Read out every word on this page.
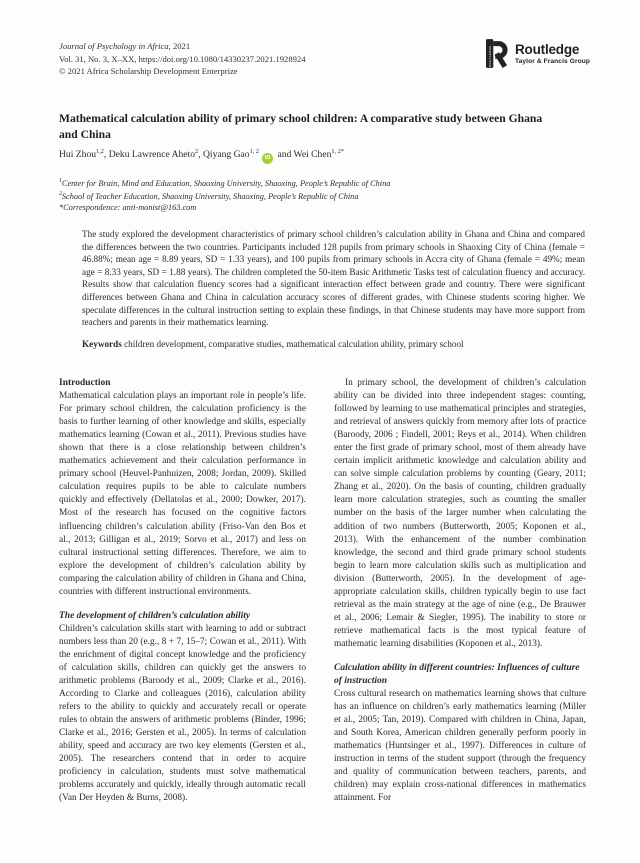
Journal of Psychology in Africa, 2021
Vol. 31, No. 3, X–XX, https://doi.org/10.1080/14330237.2021.1928924
© 2021 Africa Scholarship Development Enterprize
ROUTLEDGE Routledge
Taylor & Francis Group
Mathematical calculation ability of primary school children: A comparative study between Ghana and China
Hui Zhou$^{1,2}$, Deku Lawrence Aheto$^2$, Qiyang Gao$^{1, 2}$iD and Wei Chen$^{1, 2*}$
$^1$Center for Brain, Mind and Education, Shaoxing University, Shaoxing, People’s Republic of China
$^2$School of Teacher Education, Shaoxing University, Shaoxing, People’s Republic of China
*Correspondence: anti-monist@163.com

The study explored the development characteristics of primary school children’s calculation ability in Ghana and China and compared the differences between the two countries. Participants included 128 pupils from primary schools in Shaoxing City of China (female = 46.88%; mean age = 8.89 years, SD = 1.33 years), and 100 pupils from primary schools in Accra city of Ghana (female = 49%; mean age = 8.33 years, SD = 1.88 years). The children completed the 50-item Basic Arithmetic Tasks test of calculation fluency and accuracy. Results show that calculation fluency scores had a significant interaction effect between grade and country. There were significant differences between Ghana and China in calculation accuracy scores of different grades, with Chinese students scoring higher. We speculate differences in the cultural instruction setting to explain these findings, in that Chinese students may have more support from teachers and parents in their mathematics learning.

Keywords children development, comparative studies, mathematical calculation ability, primary school

Introduction

Mathematical calculation plays an important role in people’s life. For primary school children, the calculation proficiency is the basis to further learning of other knowledge and skills, especially mathematics learning (Cowan et al., 2011). Previous studies have shown that there is a close relationship between children’s mathematics achievement and their calculation performance in primary school (Heuvel-Panhuizen, 2008; Jordan, 2009). Skilled calculation requires pupils to be able to calculate numbers quickly and effectively (Dellatolas et al., 2000; Dowker, 2017). Most of the research has focused on the cognitive factors influencing children’s calculation ability (Friso-Van den Bos et al., 2013; Gilligan et al., 2019; Sorvo et al., 2017) and less on cultural instructional setting differences. Therefore, we aim to explore the development of children’s calculation ability by comparing the calculation ability of children in Ghana and China, countries with different instructional environments.

The development of children’s calculation ability

Children’s calculation skills start with learning to add or subtract numbers less than 20 (e.g., 8 + 7, 15–7; Cowan et al., 2011). With the enrichment of digital concept knowledge and the proficiency of calculation skills, children can quickly get the answers to arithmetic problems (Baroody et al., 2009; Clarke et al., 2016). According to Clarke and colleagues (2016), calculation ability refers to the ability to quickly and accurately recall or operate rules to obtain the answers of arithmetic problems (Binder, 1996; Clarke et al., 2016; Gersten et al., 2005). In terms of calculation ability, speed and accuracy are two key elements (Gersten et al., 2005). The researchers contend that in order to acquire proficiency in calculation, students must solve mathematical problems accurately and quickly, ideally through automatic recall (Van Der Heyden & Burns, 2008).

In primary school, the development of children’s calculation ability can be divided into three independent stages: counting, followed by learning to use mathematical principles and strategies, and retrieval of answers quickly from memory after lots of practice (Baroody, 2006 ; Findell, 2001; Reys et al., 2014). When children enter the first grade of primary school, most of them already have certain implicit arithmetic knowledge and calculation ability and can solve simple calculation problems by counting (Geary, 2011; Zhang et al., 2020). On the basis of counting, children gradually learn more calculation strategies, such as counting the smaller number on the basis of the larger number when calculating the addition of two numbers (Butterworth, 2005; Koponen et al., 2013). With the enhancement of the number combination knowledge, the second and third grade primary school students begin to learn more calculation skills such as multiplication and division (Butterworth, 2005). In the development of age-appropriate calculation skills, children typically begin to use fact retrieval as the main strategy at the age of nine (e.g., De Brauwer et al., 2006; Lemair & Siegler, 1995). The inability to store or retrieve mathematical facts is the most typical feature of mathematic learning disabilities (Koponen et al., 2013).

Calculation ability in different countries: Influences of culture of instruction

Cross cultural research on mathematics learning shows that culture has an influence on children’s early mathematics learning (Miller et al., 2005; Tan, 2019). Compared with children in China, Japan, and South Korea, American children generally perform poorly in mathematics (Huntsinger et al., 1997). Differences in culture of instruction in terms of the student support (through the frequency and quality of communication between teachers, parents, and children) may explain cross-national differences in mathematics attainment. For
